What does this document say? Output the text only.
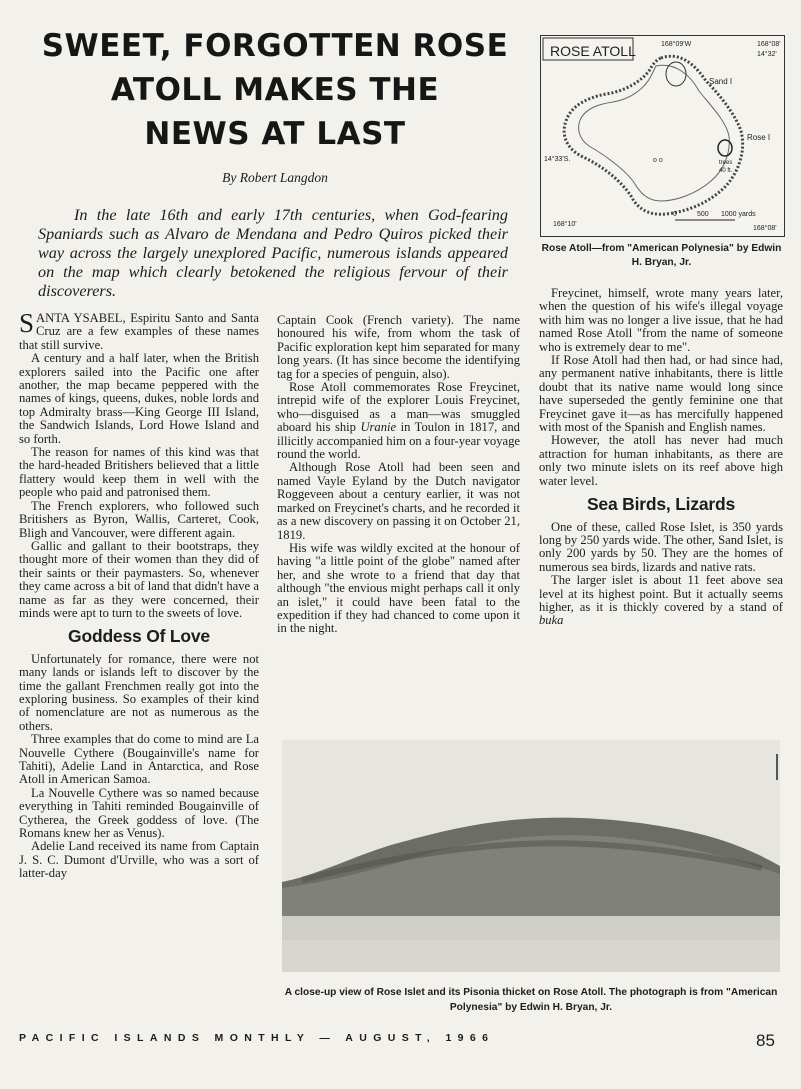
SWEET, FORGOTTEN ROSE
ATOLL MAKES THE
NEWS AT LAST
By Robert Langdon
In the late 16th and early 17th centuries, when God-fearing Spaniards such as Alvaro de Mendana and Pedro Quiros picked their way across the largely unexplored Pacific, numerous islands appeared on the map which clearly betokened the religious fervour of their discoverers.

SANTA YSABEL, Espiritu Santo and Santa Cruz are a few examples of these names that still survive.

A century and a half later, when the British explorers sailed into the Pacific one after another, the map became peppered with the names of kings, queens, dukes, noble lords and top Admiralty brass—King George III Island, the Sandwich Islands, Lord Howe Island and so forth.

The reason for names of this kind was that the hard-headed Britishers believed that a little flattery would keep them in well with the people who paid and patronised them.

The French explorers, who followed such Britishers as Byron, Wallis, Carteret, Cook, Bligh and Vancouver, were different again.

Gallic and gallant to their bootstraps, they thought more of their women than they did of their saints or their paymasters. So, whenever they came across a bit of land that didn't have a name as far as they were concerned, their minds were apt to turn to the sweets of love.

Goddess Of Love

Unfortunately for romance, there were not many lands or islands left to discover by the time the gallant Frenchmen really got into the exploring business. So examples of their kind of nomenclature are not as numerous as the others.

Three examples that do come to mind are La Nouvelle Cythere (Bougainville's name for Tahiti), Adelie Land in Antarctica, and Rose Atoll in American Samoa.

La Nouvelle Cythere was so named because everything in Tahiti reminded Bougainville of Cytherea, the Greek goddess of love. (The Romans knew her as Venus).

Adelie Land received its name from Captain J. S. C. Dumont d'Urville, who was a sort of latter-day

Captain Cook (French variety). The name honoured his wife, from whom the task of Pacific exploration kept him separated for many long years. (It has since become the identifying tag for a species of penguin, also).

Rose Atoll commemorates Rose Freycinet, intrepid wife of the explorer Louis Freycinet, who—disguised as a man—was smuggled aboard his ship Uranie in Toulon in 1817, and illicitly accompanied him on a four-year voyage round the world.

Although Rose Atoll had been seen and named Vayle Eyland by the Dutch navigator Roggeveen about a century earlier, it was not marked on Freycinet's charts, and he recorded it as a new discovery on passing it on October 21, 1819.

His wife was wildly excited at the honour of having "a little point of the globe" named after her, and she wrote to a friend that day that although "the envious might perhaps call it only an islet," it could have been fatal to the expedition if they had chanced to come upon it in the night.

Freycinet, himself, wrote many years later, when the question of his wife's illegal voyage with him was no longer a live issue, that he had named Rose Atoll "from the name of someone who is extremely dear to me".

If Rose Atoll had then had, or had since had, any permanent native inhabitants, there is little doubt that its native name would long since have superseded the gently feminine one that Freycinet gave it—as has mercifully happened with most of the Spanish and English names.

However, the atoll has never had much attraction for human inhabitants, as there are only two minute islets on its reef above high water level.

Sea Birds, Lizards

One of these, called Rose Islet, is 350 yards long by 250 yards wide. The other, Sand Islet, is only 200 yards by 50. They are the homes of numerous sea birds, lizards and native rats.

The larger islet is about 11 feet above sea level at its highest point. But it actually seems higher, as it is thickly covered by a stand of buka

ROSE ATOLL	168°09'W	168°08'
14°32'
Sand I
Rose I
14°33'S.	trees
40 ft.
o o
0	500 1000 yards
168°10'
168°08'
Rose Atoll—from "American Polynesia" by Edwin H. Bryan, Jr.
A close-up view of Rose Islet and its Pisonia thicket on Rose Atoll. The photograph is from "American Polynesia" by Edwin H. Bryan, Jr.
PACIFIC ISLANDS MONTHLY — AUGUST, 1966	85
